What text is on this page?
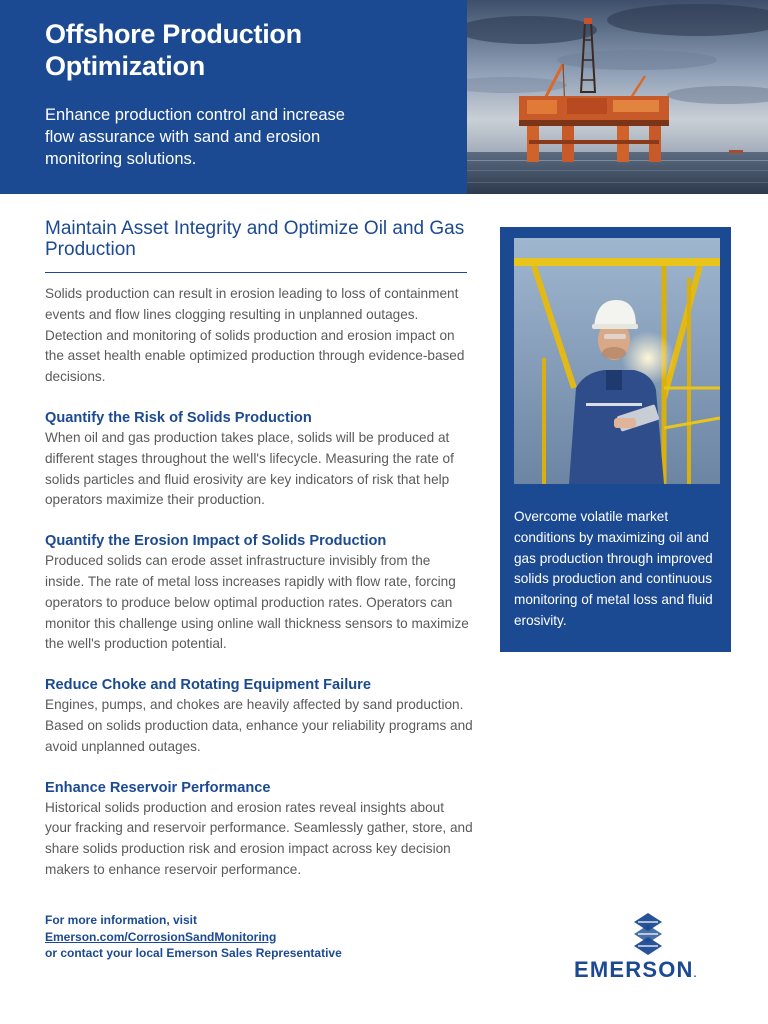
Offshore Production Optimization

Enhance production control and increase flow assurance with sand and erosion monitoring solutions.

Maintain Asset Integrity and Optimize Oil and Gas Production

Solids production can result in erosion leading to loss of containment events and flow lines clogging resulting in unplanned outages. Detection and monitoring of solids production and erosion impact on the asset health enable optimized production through evidence-based decisions.

Quantify the Risk of Solids Production

When oil and gas production takes place, solids will be produced at different stages throughout the well's lifecycle. Measuring the rate of solids particles and fluid erosivity are key indicators of risk that help operators maximize their production.

Quantify the Erosion Impact of Solids Production

Produced solids can erode asset infrastructure invisibly from the inside. The rate of metal loss increases rapidly with flow rate, forcing operators to produce below optimal production rates. Operators can monitor this challenge using online wall thickness sensors to maximize the well's production potential.

Reduce Choke and Rotating Equipment Failure

Engines, pumps, and chokes are heavily affected by sand production. Based on solids production data, enhance your reliability programs and avoid unplanned outages.

Enhance Reservoir Performance

Historical solids production and erosion rates reveal insights about your fracking and reservoir performance. Seamlessly gather, store, and share solids production risk and erosion impact across key decision makers to enhance reservoir performance.

Overcome volatile market conditions by maximizing oil and gas production through improved solids production and continuous monitoring of metal loss and fluid erosivity.

For more information, visit
Emerson.com/CorrosionSandMonitoring
or contact your local Emerson Sales Representative
EMERSON.
